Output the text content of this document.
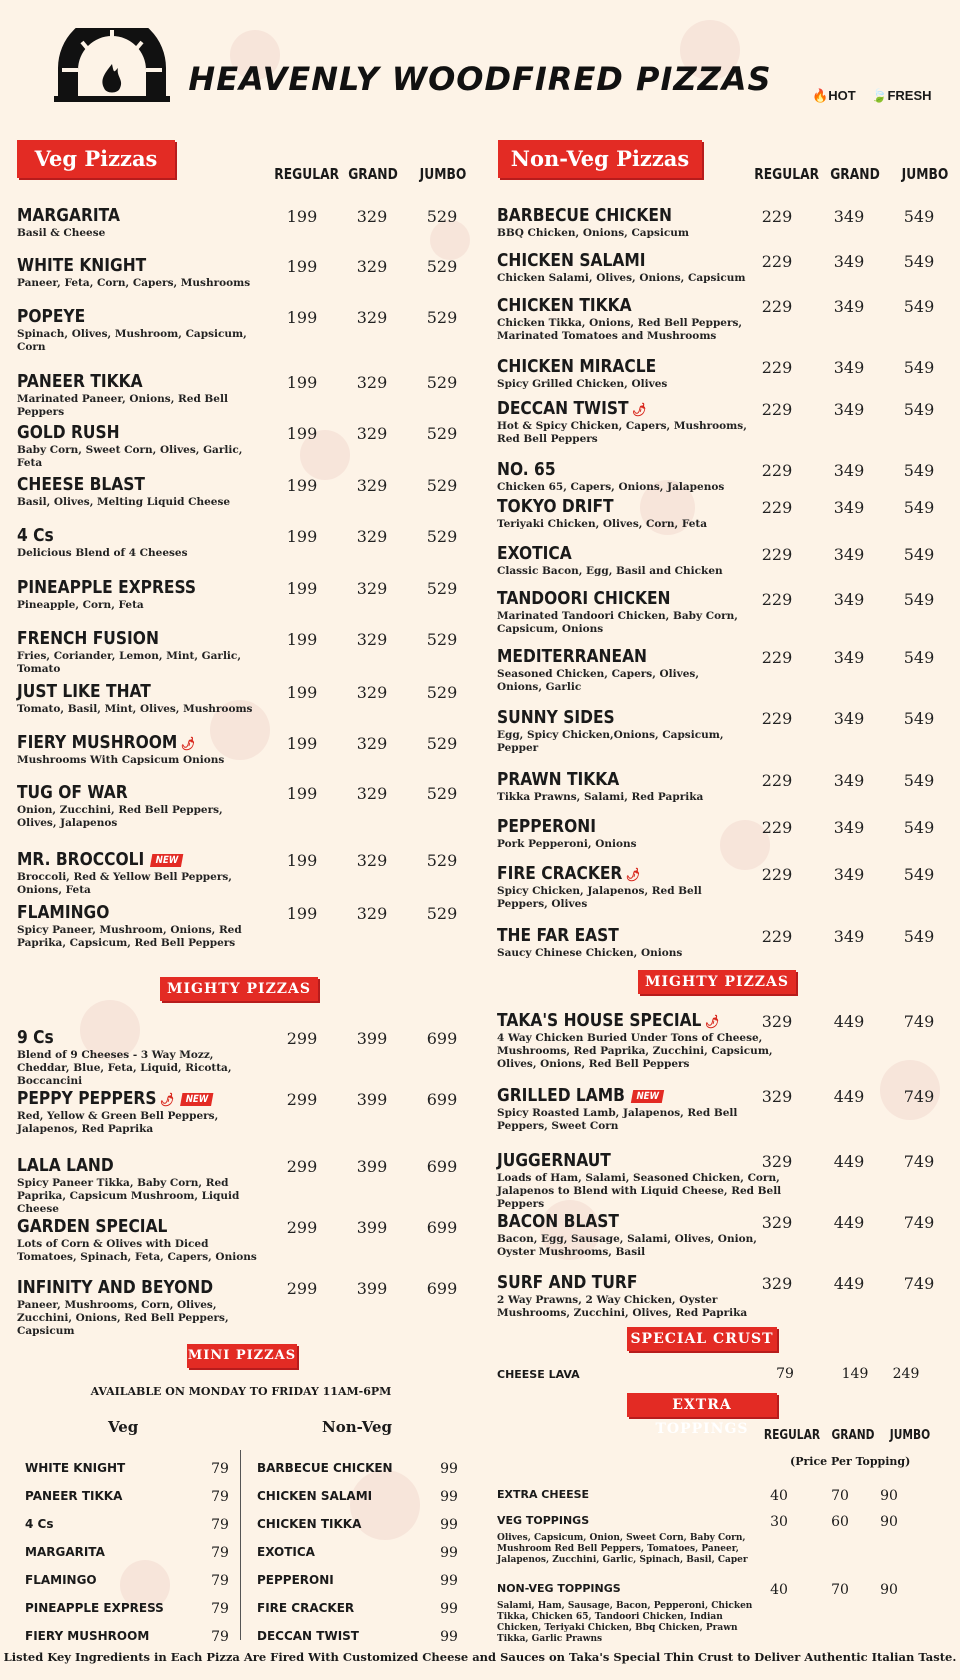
HEAVENLY WOODFIRED PIZZAS	🔥HOT 🍃FRESH
Veg Pizzas
REGULAR GRAND	JUMBO
Non-Veg Pizzas
REGULAR GRAND	JUMBO
MARGARITA
Basil & Cheese
199	329	529
WHITE KNIGHT
Paneer, Feta, Corn, Capers, Mushrooms
199	329	529
POPEYE
Spinach, Olives, Mushroom, Capsicum, Corn
199	329	529
PANEER TIKKA
Marinated Paneer, Onions, Red Bell Peppers
199	329	529
GOLD RUSH
Baby Corn, Sweet Corn, Olives, Garlic, Feta
199	329	529
CHEESE BLAST
Basil, Olives, Melting Liquid Cheese
199	329	529
4 Cs
Delicious Blend of 4 Cheeses
199	329	529
PINEAPPLE EXPRESS
Pineapple, Corn, Feta
199	329	529
FRENCH FUSION
Fries, Coriander, Lemon, Mint, Garlic, Tomato
199	329	529
JUST LIKE THAT
Tomato, Basil, Mint, Olives, Mushrooms
199	329	529
FIERY MUSHROOM 🌶
Mushrooms With Capsicum Onions
199	329	529
TUG OF WAR
Onion, Zucchini, Red Bell Peppers, Olives, Jalapenos
199	329	529
MR. BROCCOLI NEW
Broccoli, Red & Yellow Bell Peppers, Onions, Feta
199	329	529
FLAMINGO
Spicy Paneer, Mushroom, Onions, Red Paprika, Capsicum, Red Bell Peppers
199	329	529
BARBECUE CHICKEN
BBQ Chicken, Onions, Capsicum
229	349	549
CHICKEN SALAMI
Chicken Salami, Olives, Onions, Capsicum
229	349	549
CHICKEN TIKKA
Chicken Tikka, Onions, Red Bell Peppers, Marinated Tomatoes and Mushrooms
229	349	549
CHICKEN MIRACLE
Spicy Grilled Chicken, Olives
229	349	549
DECCAN TWIST 🌶
Hot & Spicy Chicken, Capers, Mushrooms, Red Bell Peppers
229	349	549
NO. 65
Chicken 65, Capers, Onions, Jalapenos
229	349	549
TOKYO DRIFT
Teriyaki Chicken, Olives, Corn, Feta
229	349	549
EXOTICA
Classic Bacon, Egg, Basil and Chicken
229	349	549
TANDOORI CHICKEN
Marinated Tandoori Chicken, Baby Corn, Capsicum, Onions
229	349	549
MEDITERRANEAN
Seasoned Chicken, Capers, Olives, Onions, Garlic
229	349	549
SUNNY SIDES
Egg, Spicy Chicken,Onions, Capsicum, Pepper
229	349	549
PRAWN TIKKA
Tikka Prawns, Salami, Red Paprika
229	349	549
PEPPERONI
Pork Pepperoni, Onions
229	349	549
FIRE CRACKER 🌶
Spicy Chicken, Jalapenos, Red Bell Peppers, Olives
229	349	549
THE FAR EAST
Saucy Chinese Chicken, Onions
229	349	549
MIGHTY PIZZAS	MIGHTY PIZZAS
9 Cs
Blend of 9 Cheeses - 3 Way Mozz, Cheddar, Blue, Feta, Liquid, Ricotta, Boccancini
299	399	699
PEPPY PEPPERS 🌶 NEW
Red, Yellow & Green Bell Peppers, Jalapenos, Red Paprika
299	399	699
LALA LAND
Spicy Paneer Tikka, Baby Corn, Red Paprika, Capsicum Mushroom, Liquid Cheese
299	399	699
GARDEN SPECIAL
Lots of Corn & Olives with Diced Tomatoes, Spinach, Feta, Capers, Onions
299	399	699
INFINITY AND BEYOND
Paneer, Mushrooms, Corn, Olives, Zucchini, Onions, Red Bell Peppers, Capsicum
299	399	699
TAKA'S HOUSE SPECIAL 🌶
4 Way Chicken Buried Under Tons of Cheese, Mushrooms, Red Paprika, Zucchini, Capsicum, Olives, Onions, Red Bell Peppers
329	449	749
GRILLED LAMB NEW
Spicy Roasted Lamb, Jalapenos, Red Bell Peppers, Sweet Corn
329	449	749
JUGGERNAUT
Loads of Ham, Salami, Seasoned Chicken, Corn, Jalapenos to Blend with Liquid Cheese, Red Bell Peppers
329	449	749
BACON BLAST
Bacon, Egg, Sausage, Salami, Olives, Onion, Oyster Mushrooms, Basil
329	449	749
SURF AND TURF
2 Way Prawns, 2 Way Chicken, Oyster Mushrooms, Zucchini, Olives, Red Paprika
329	449	749
MINI PIZZAS
AVAILABLE ON MONDAY TO FRIDAY 11AM-6PM
Veg	Non-Veg
WHITE KNIGHT	79
PANEER TIKKA	79
4 Cs	79
MARGARITA	79
FLAMINGO	79
PINEAPPLE EXPRESS	79
FIERY MUSHROOM	79
BARBECUE CHICKEN	99
CHICKEN SALAMI	99
CHICKEN TIKKA	99
EXOTICA	99
PEPPERONI	99
FIRE CRACKER	99
DECCAN TWIST	99
SPECIAL CRUST
CHEESE LAVA	79	149	249
EXTRA TOPPINGS	REGULAR GRAND	JUMBO
(Price Per Topping)
EXTRA CHEESE	40	70	90
VEG TOPPINGS	30	60	90
Olives, Capsicum, Onion, Sweet Corn, Baby Corn, Mushroom Red Bell Peppers, Tomatoes, Paneer, Jalapenos, Zucchini, Garlic, Spinach, Basil, Caper
NON-VEG TOPPINGS	40	70	90
Salami, Ham, Sausage, Bacon, Pepperoni, Chicken Tikka, Chicken 65, Tandoori Chicken, Indian Chicken, Teriyaki Chicken, Bbq Chicken, Prawn Tikka, Garlic Prawns
Listed Key Ingredients in Each Pizza Are Fired With Customized Cheese and Sauces on Taka's Special Thin Crust to Deliver Authentic Italian Taste.
